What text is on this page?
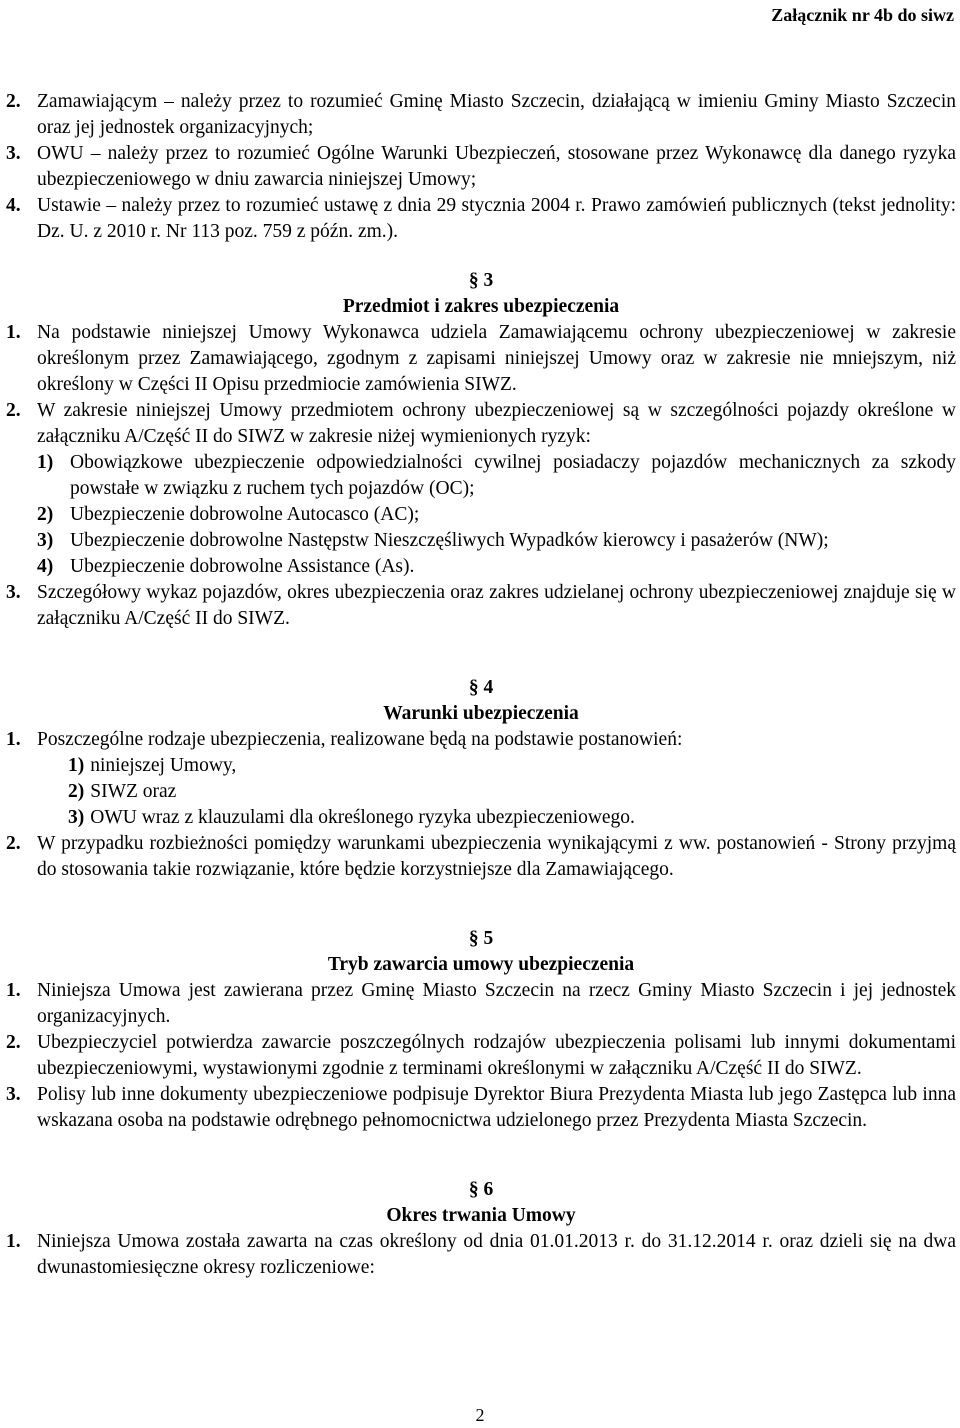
Załącznik nr 4b do siwz
2. Zamawiającym – należy przez to rozumieć Gminę Miasto Szczecin, działającą w imieniu Gminy Miasto Szczecin oraz jej jednostek organizacyjnych;
3. OWU – należy przez to rozumieć Ogólne Warunki Ubezpieczeń, stosowane przez Wykonawcę dla danego ryzyka ubezpieczeniowego w dniu zawarcia niniejszej Umowy;
4. Ustawie – należy przez to rozumieć ustawę z dnia 29 stycznia 2004 r. Prawo zamówień publicznych (tekst jednolity: Dz. U. z 2010 r. Nr 113 poz. 759 z późn. zm.).
§ 3
Przedmiot i zakres ubezpieczenia
1. Na podstawie niniejszej Umowy Wykonawca udziela Zamawiającemu ochrony ubezpieczeniowej w zakresie określonym przez Zamawiającego, zgodnym z zapisami niniejszej Umowy oraz w zakresie nie mniejszym, niż określony w Części II Opisu przedmiocie zamówienia SIWZ.
2. W zakresie niniejszej Umowy przedmiotem ochrony ubezpieczeniowej są w szczególności pojazdy określone w załączniku A/Część II do SIWZ w zakresie niżej wymienionych ryzyk:
1) Obowiązkowe ubezpieczenie odpowiedzialności cywilnej posiadaczy pojazdów mechanicznych za szkody powstałe w związku z ruchem tych pojazdów (OC);
2) Ubezpieczenie dobrowolne Autocasco (AC);
3) Ubezpieczenie dobrowolne Następstw Nieszczęśliwych Wypadków kierowcy i pasażerów (NW);
4) Ubezpieczenie dobrowolne Assistance (As).
3. Szczegółowy wykaz pojazdów, okres ubezpieczenia oraz zakres udzielanej ochrony ubezpieczeniowej znajduje się w załączniku A/Część II do SIWZ.
§ 4
Warunki ubezpieczenia
1. Poszczególne rodzaje ubezpieczenia, realizowane będą na podstawie postanowień:
1) niniejszej Umowy,
2) SIWZ oraz
3) OWU wraz z klauzulami dla określonego ryzyka ubezpieczeniowego.
2. W przypadku rozbieżności pomiędzy warunkami ubezpieczenia wynikającymi z ww. postanowień - Strony przyjmą do stosowania takie rozwiązanie, które będzie korzystniejsze dla Zamawiającego.
§ 5
Tryb zawarcia umowy ubezpieczenia
1. Niniejsza Umowa jest zawierana przez Gminę Miasto Szczecin na rzecz Gminy Miasto Szczecin i jej jednostek organizacyjnych.
2. Ubezpieczyciel potwierdza zawarcie poszczególnych rodzajów ubezpieczenia polisami lub innymi dokumentami ubezpieczeniowymi, wystawionymi zgodnie z terminami określonymi w załączniku A/Część II do SIWZ.
3. Polisy lub inne dokumenty ubezpieczeniowe podpisuje Dyrektor Biura Prezydenta Miasta lub jego Zastępca lub inna wskazana osoba na podstawie odrębnego pełnomocnictwa udzielonego przez Prezydenta Miasta Szczecin.
§ 6
Okres trwania Umowy
1. Niniejsza Umowa została zawarta na czas określony od dnia 01.01.2013 r. do 31.12.2014 r. oraz dzieli się na dwa dwunastomiesięczne okresy rozliczeniowe:
2
